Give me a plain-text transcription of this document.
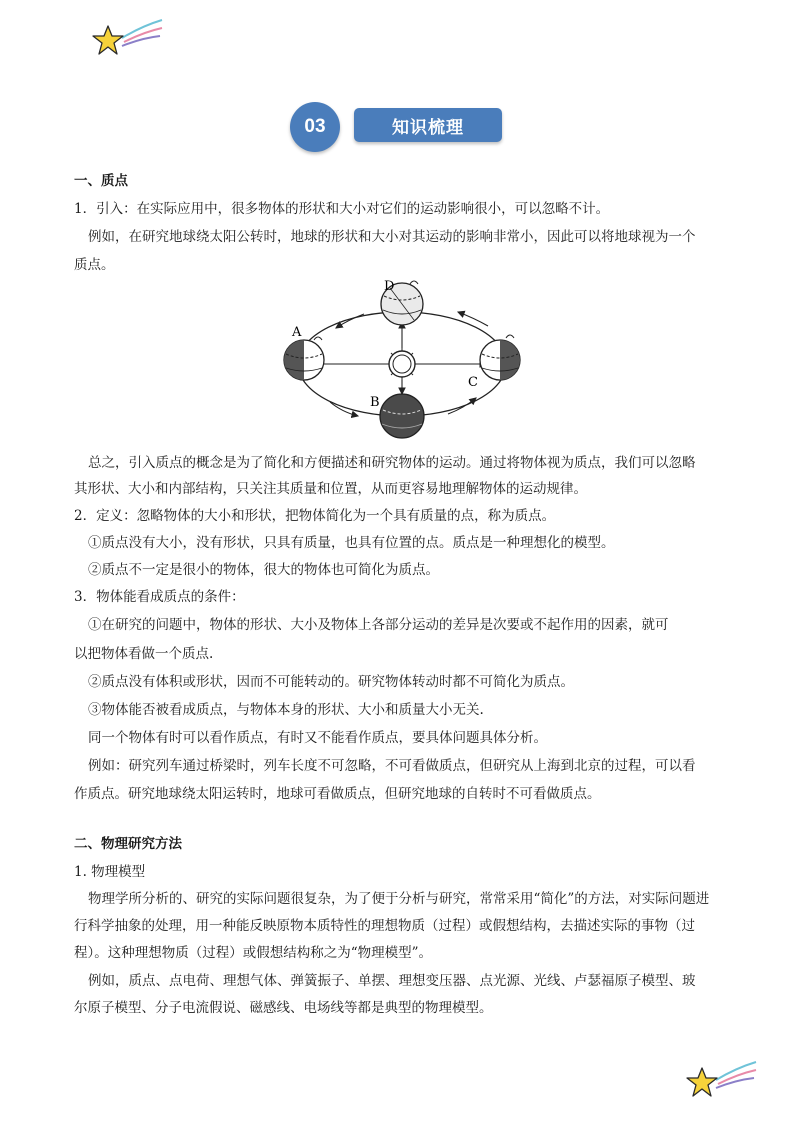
03	知识梳理
一、质点
1．引入：在实际应用中，很多物体的形状和大小对它们的运动影响很小，可以忽略不计。
例如，在研究地球绕太阳公转时，地球的形状和大小对其运动的影响非常小，因此可以将地球视为一个
质点。
A
D
C
B
总之，引入质点的概念是为了简化和方便描述和研究物体的运动。通过将物体视为质点，我们可以忽略
其形状、大小和内部结构，只关注其质量和位置，从而更容易地理解物体的运动规律。
2．定义：忽略物体的大小和形状，把物体简化为一个具有质量的点，称为质点。
①质点没有大小，没有形状，只具有质量，也具有位置的点。质点是一种理想化的模型。
②质点不一定是很小的物体，很大的物体也可简化为质点。
3．物体能看成质点的条件：
①在研究的问题中，物体的形状、大小及物体上各部分运动的差异是次要或不起作用的因素，就可
以把物体看做一个质点.
②质点没有体积或形状，因而不可能转动的。研究物体转动时都不可简化为质点。
③物体能否被看成质点，与物体本身的形状、大小和质量大小无关.
同一个物体有时可以看作质点，有时又不能看作质点，要具体问题具体分析。
例如：研究列车通过桥梁时，列车长度不可忽略，不可看做质点，但研究从上海到北京的过程，可以看
作质点。研究地球绕太阳运转时，地球可看做质点，但研究地球的自转时不可看做质点。
二、物理研究方法
1. 物理模型
物理学所分析的、研究的实际问题很复杂，为了便于分析与研究，常常采用“简化”的方法，对实际问题进
行科学抽象的处理，用一种能反映原物本质特性的理想物质（过程）或假想结构，去描述实际的事物（过
程）。这种理想物质（过程）或假想结构称之为“物理模型”。
例如，质点、点电荷、理想气体、弹簧振子、单摆、理想变压器、点光源、光线、卢瑟福原子模型、玻
尔原子模型、分子电流假说、磁感线、电场线等都是典型的物理模型。
